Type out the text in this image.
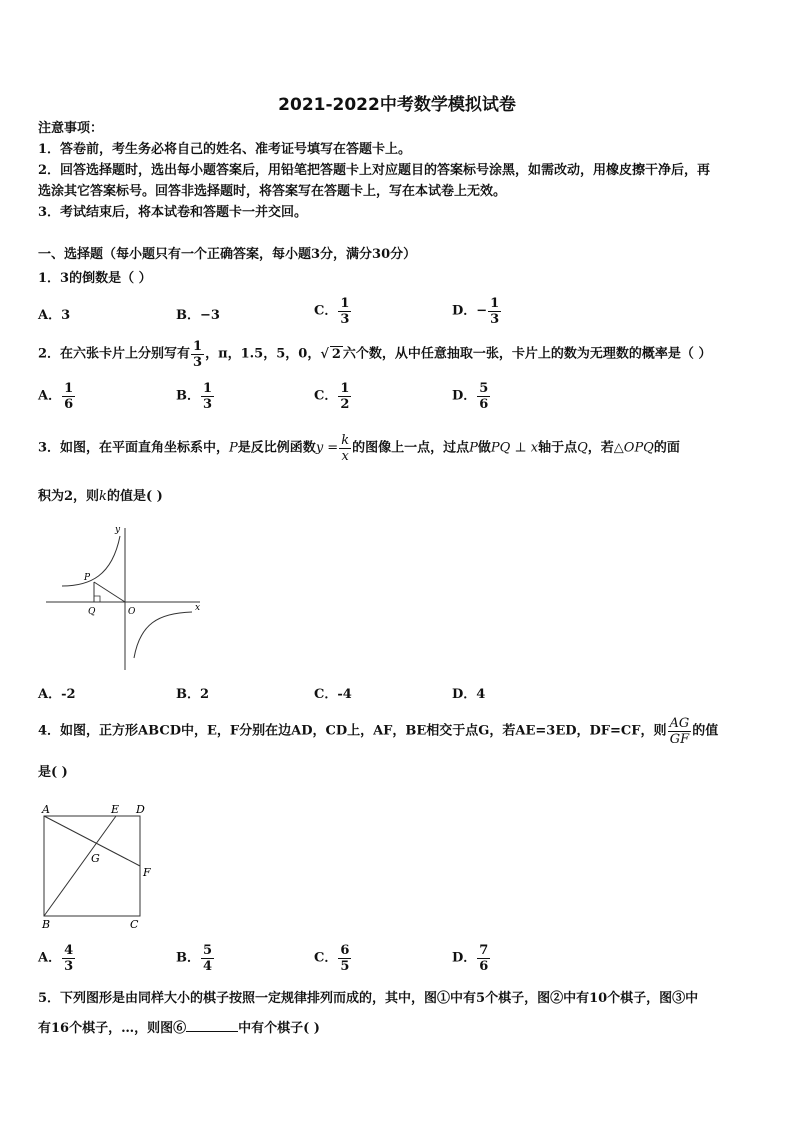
2021-2022中考数学模拟试卷
注意事项：
1．答卷前，考生务必将自己的姓名、准考证号填写在答题卡上。
2．回答选择题时，选出每小题答案后，用铅笔把答题卡上对应题目的答案标号涂黑，如需改动，用橡皮擦干净后，再
选涂其它答案标号。回答非选择题时，将答案写在答题卡上，写在本试卷上无效。
3．考试结束后，将本试卷和答题卡一并交回。
一、选择题（每小题只有一个正确答案，每小题3分，满分30分）
1．3的倒数是（ ）
A．3	B．−3	C． $\frac{1}{3}$	D．− $\frac{1}{3}$
2．在六张卡片上分别写有 $\frac{1}{3}$ ，π，1.5，5，0，√ 2 六个数，从中任意抽取一张，卡片上的数为无理数的概率是（ ）
A． $\frac{1}{6}$	B． $\frac{1}{3}$	C． $\frac{1}{2}$	D． $\frac{5}{6}$
3．如图，在平面直角坐标系中，P是反比例函数$y = \frac{k}{x}$ 的图像上一点，过点P做PQ ⊥ x轴于点Q，若△OPQ的面
积为2，则k的值是( )
y
x
O
P
Q
A．-2	B．2	C．-4	D．4
4．如图，正方形ABCD中，E，F分别在边AD，CD上，AF，BE相交于点G，若AE=3ED，DF=CF，则 $\frac{AG}{GF}$ 的值
是( )
A	E D
G
F
B	C
A． $\frac{4}{3}$	B． $\frac{5}{4}$	C． $\frac{6}{5}$	D． $\frac{7}{6}$
5．下列图形是由同样大小的棋子按照一定规律排列而成的，其中，图①中有5个棋子，图②中有10个棋子，图③中
有16个棋子，…，则图⑥	中有个棋子( )
